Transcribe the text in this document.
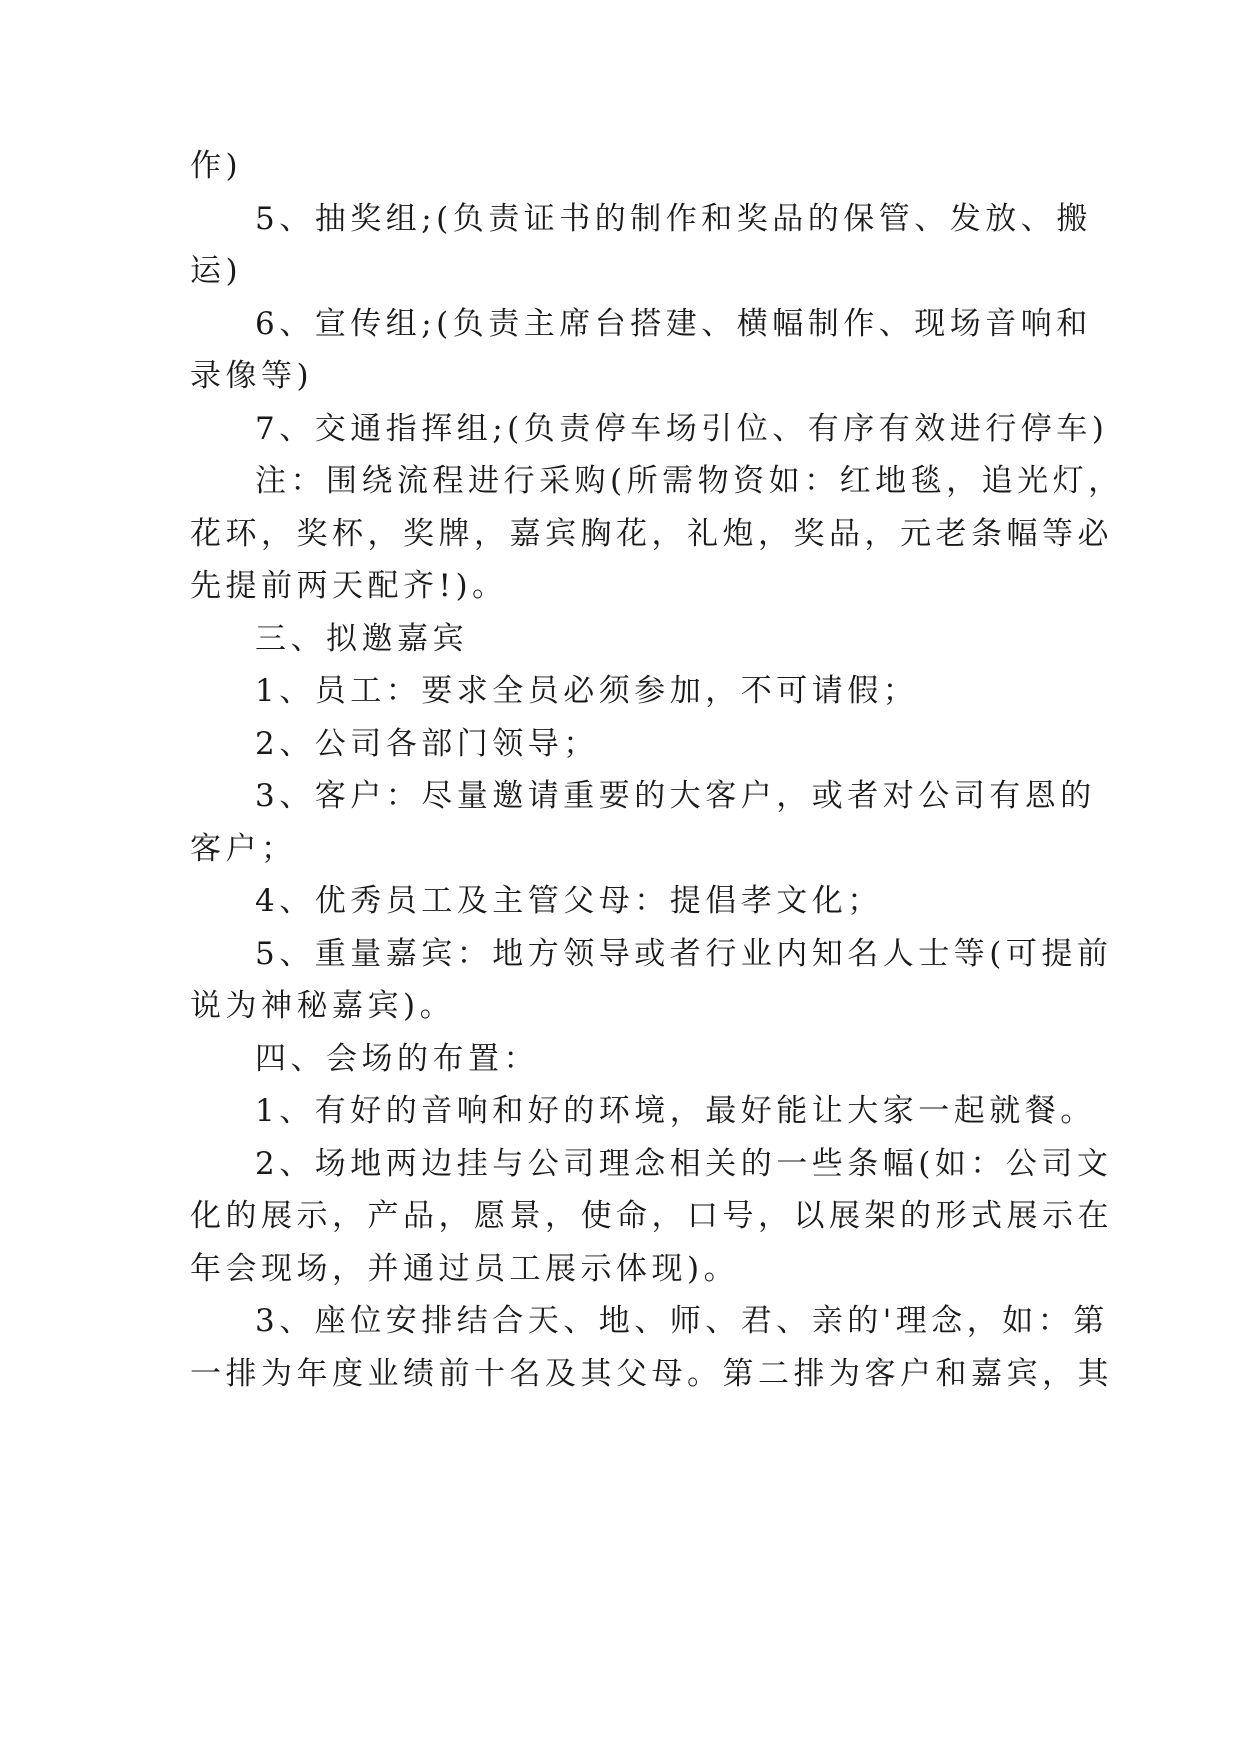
作)
5、抽奖组;(负责证书的制作和奖品的保管、发放、搬
运)
6、宣传组;(负责主席台搭建、横幅制作、现场音响和
录像等)
7、交通指挥组;(负责停车场引位、有序有效进行停车)
注：围绕流程进行采购(所需物资如：红地毯，追光灯，
花环，奖杯，奖牌，嘉宾胸花，礼炮，奖品，元老条幅等必
先提前两天配齐!)。
三、拟邀嘉宾
1、员工：要求全员必须参加，不可请假；
2、公司各部门领导；
3、客户：尽量邀请重要的大客户，或者对公司有恩的
客户；
4、优秀员工及主管父母：提倡孝文化；
5、重量嘉宾：地方领导或者行业内知名人士等(可提前
说为神秘嘉宾)。
四、会场的布置：
1、有好的音响和好的环境，最好能让大家一起就餐。
2、场地两边挂与公司理念相关的一些条幅(如：公司文
化的展示，产品，愿景，使命，口号，以展架的形式展示在
年会现场，并通过员工展示体现)。
3、座位安排结合天、地、师、君、亲的'理念，如：第
一排为年度业绩前十名及其父母。第二排为客户和嘉宾，其
